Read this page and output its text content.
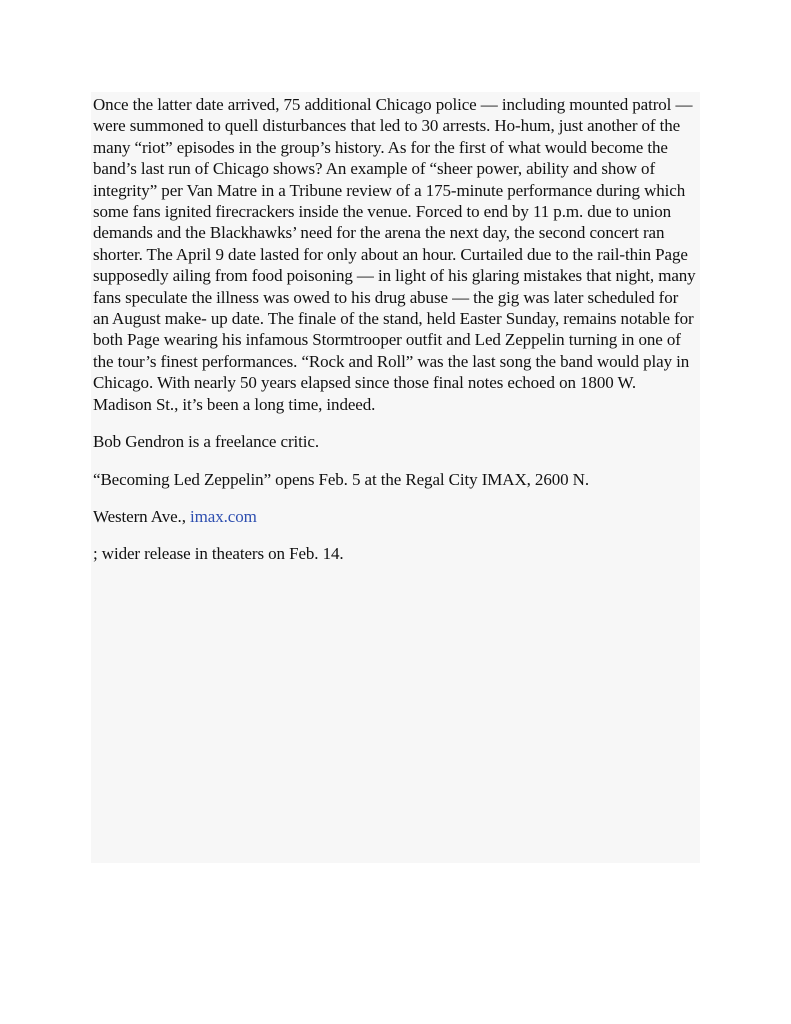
Once the latter date arrived, 75 additional Chicago police — including mounted patrol — were summoned to quell disturbances that led to 30 arrests. Ho-hum, just another of the many “riot” episodes in the group’s history. As for the first of what would become the band’s last run of Chicago shows? An example of “sheer power, ability and show of integrity” per Van Matre in a Tribune review of a 175-minute performance during which some fans ignited firecrackers inside the venue. Forced to end by 11 p.m. due to union demands and the Blackhawks’ need for the arena the next day, the second concert ran shorter. The April 9 date lasted for only about an hour. Curtailed due to the rail-thin Page supposedly ailing from food poisoning — in light of his glaring mistakes that night, many fans speculate the illness was owed to his drug abuse — the gig was later scheduled for an August make- up date. The finale of the stand, held Easter Sunday, remains notable for both Page wearing his infamous Stormtrooper outfit and Led Zeppelin turning in one of the tour’s finest performances. “Rock and Roll” was the last song the band would play in Chicago. With nearly 50 years elapsed since those final notes echoed on 1800 W. Madison St., it’s been a long time, indeed.

Bob Gendron is a freelance critic.

“Becoming Led Zeppelin” opens Feb. 5 at the Regal City IMAX, 2600 N.

Western Ave., imax.com

; wider release in theaters on Feb. 14.
